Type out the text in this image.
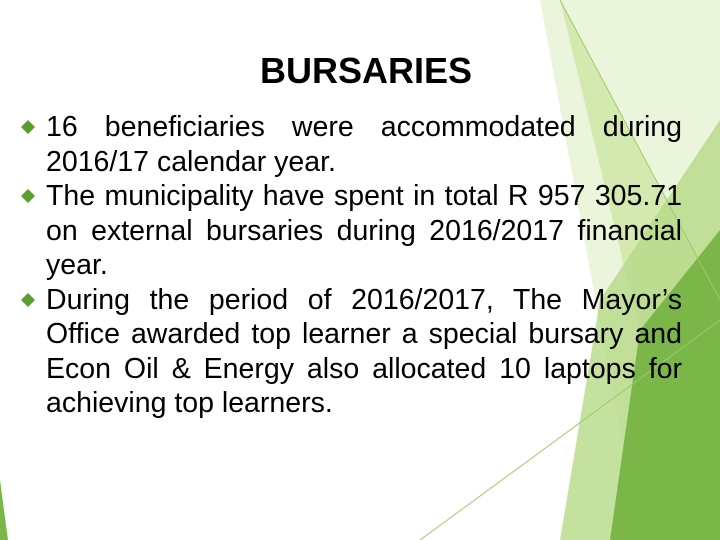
BURSARIES
16 beneficiaries were accommodated during 2016/17 calendar year.
The municipality have spent in total R 957 305.71 on external bursaries during 2016/2017 financial year.
During the period of 2016/2017, The Mayor’s Office awarded top learner a special bursary and Econ Oil & Energy also allocated 10 laptops for achieving top learners.
